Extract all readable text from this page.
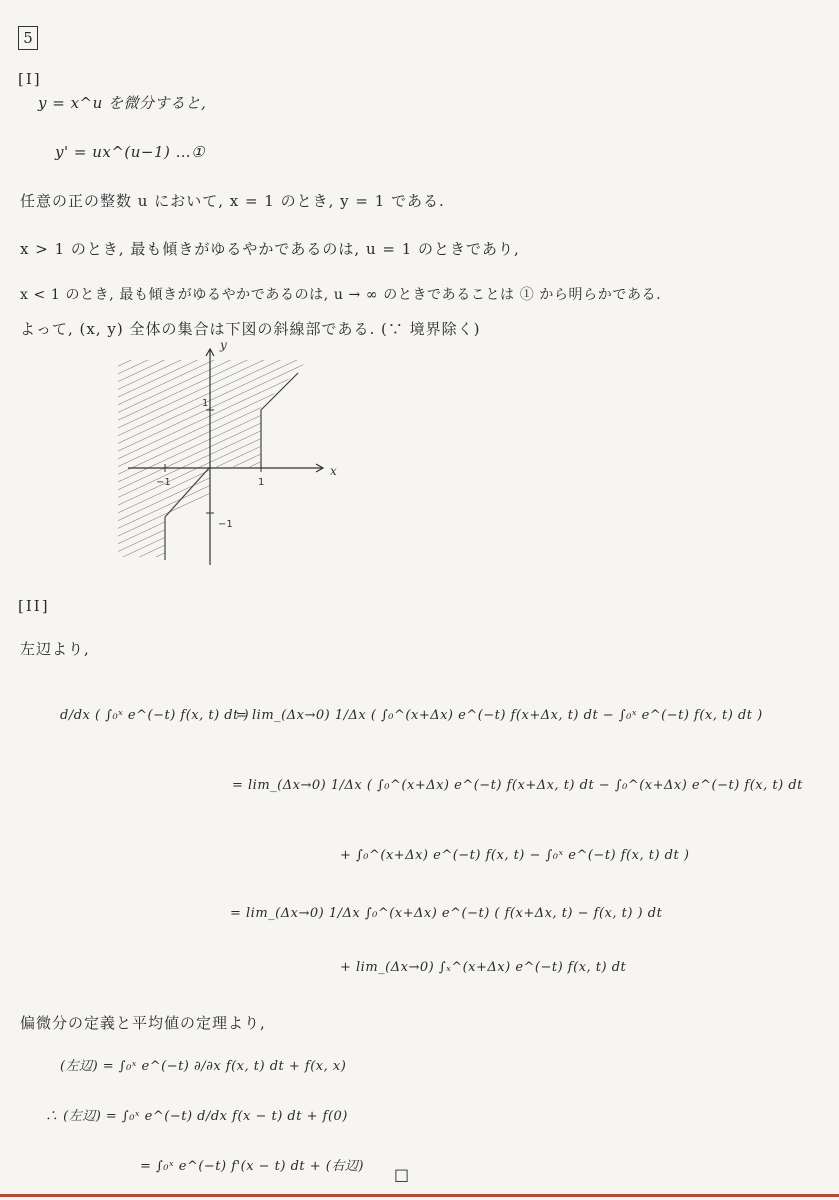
5
[I]
y = x^u を微分すると,
y' = ux^(u−1) …①
任意の正の整数 u において, x = 1 のとき, y = 1 である.
x > 1 のとき, 最も傾きがゆるやかであるのは, u = 1 のときであり,
x < 1 のとき, 最も傾きがゆるやかであるのは, u → ∞ のときであることは ① から明らかである.
よって, (x, y) 全体の集合は下図の斜線部である. (∵ 境界除く)
x
y
1
−1
1
−1
[II]
左辺より,
d/dx ( ∫₀ˣ e^(−t) f(x, t) dt )
= lim_(Δx→0) 1/Δx ( ∫₀^(x+Δx) e^(−t) f(x+Δx, t) dt − ∫₀ˣ e^(−t) f(x, t) dt )
= lim_(Δx→0) 1/Δx ( ∫₀^(x+Δx) e^(−t) f(x+Δx, t) dt − ∫₀^(x+Δx) e^(−t) f(x, t) dt
+ ∫₀^(x+Δx) e^(−t) f(x, t) − ∫₀ˣ e^(−t) f(x, t) dt )
= lim_(Δx→0) 1/Δx ∫₀^(x+Δx) e^(−t) ( f(x+Δx, t) − f(x, t) ) dt
+ lim_(Δx→0) ∫ₓ^(x+Δx) e^(−t) f(x, t) dt
偏微分の定義と平均値の定理より,
(左辺) = ∫₀ˣ e^(−t) ∂/∂x f(x, t) dt + f(x, x)
∴ (左辺) = ∫₀ˣ e^(−t) d/dx f(x − t) dt + f(0)
= ∫₀ˣ e^(−t) f'(x − t) dt + (右辺) □
